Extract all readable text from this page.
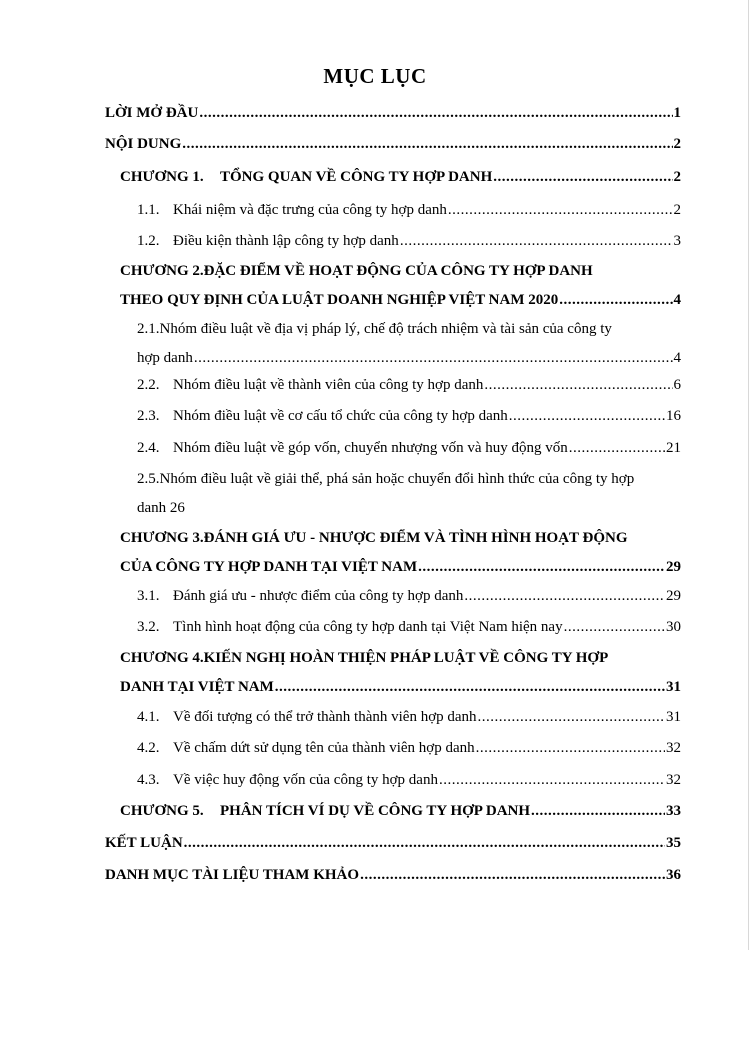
MỤC LỤC
LỜI MỞ ĐẦU .....	1
NỘI DUNG .....	2
CHƯƠNG 1.	TỔNG QUAN VỀ CÔNG TY HỢP DANH .....	2
1.1. Khái niệm và đặc trưng của công ty hợp danh .....	2
1.2. Điều kiện thành lập công ty hợp danh .....	3
CHƯƠNG 2.ĐẶC ĐIỂM VỀ HOẠT ĐỘNG CỦA CÔNG TY HỢP DANH
THEO QUY ĐỊNH CỦA LUẬT DOANH NGHIỆP VIỆT NAM 2020 .....	4
2.1.Nhóm điều luật về địa vị pháp lý, chế độ trách nhiệm và tài sản của công ty
hợp danh .....	4
2.2. Nhóm điều luật về thành viên của công ty hợp danh .....	6
2.3. Nhóm điều luật về cơ cấu tổ chức của công ty hợp danh .....	16
2.4. Nhóm điều luật về góp vốn, chuyển nhượng vốn và huy động vốn .....	21
2.5.Nhóm điều luật về giải thể, phá sản hoặc chuyển đổi hình thức của công ty hợp
danh 26
CHƯƠNG 3.ĐÁNH GIÁ ƯU - NHƯỢC ĐIỂM VÀ TÌNH HÌNH HOẠT ĐỘNG
CỦA CÔNG TY HỢP DANH TẠI VIỆT NAM .....	29
3.1. Đánh giá ưu - nhược điểm của công ty hợp danh .....	29
3.2. Tình hình hoạt động của công ty hợp danh tại Việt Nam hiện nay .....	30
CHƯƠNG 4.KIẾN NGHỊ HOÀN THIỆN PHÁP LUẬT VỀ CÔNG TY HỢP
DANH TẠI VIỆT NAM .....	31
4.1. Về đối tượng có thể trở thành thành viên hợp danh .....	31
4.2. Về chấm dứt sử dụng tên của thành viên hợp danh .....	32
4.3. Về việc huy động vốn của công ty hợp danh .....	32
CHƯƠNG 5.	PHÂN TÍCH VÍ DỤ VỀ CÔNG TY HỢP DANH .....	33
KẾT LUẬN .....	35
DANH MỤC TÀI LIỆU THAM KHẢO .....	36
